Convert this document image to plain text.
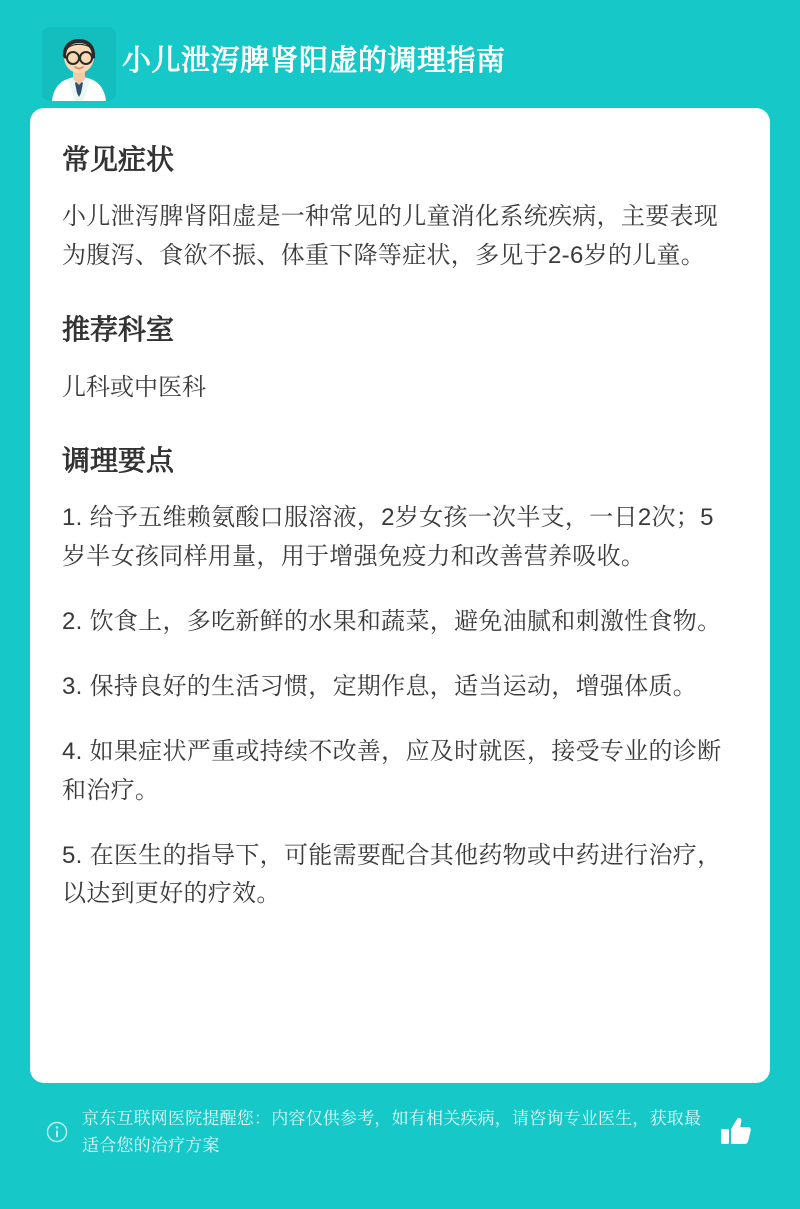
小儿泄泻脾肾阳虚的调理指南
常见症状

小儿泄泻脾肾阳虚是一种常见的儿童消化系统疾病，主要表现为腹泻、食欲不振、体重下降等症状，多见于2-6岁的儿童。

推荐科室

儿科或中医科

调理要点
1. 给予五维赖氨酸口服溶液，2岁女孩一次半支，一日2次；5岁半女孩同样用量，用于增强免疫力和改善营养吸收。
2. 饮食上，多吃新鲜的水果和蔬菜，避免油腻和刺激性食物。
3. 保持良好的生活习惯，定期作息，适当运动，增强体质。
4. 如果症状严重或持续不改善，应及时就医，接受专业的诊断和治疗。
5. 在医生的指导下，可能需要配合其他药物或中药进行治疗，以达到更好的疗效。
京东互联网医院提醒您：内容仅供参考，如有相关疾病，请咨询专业医生，获取最适合您的治疗方案
